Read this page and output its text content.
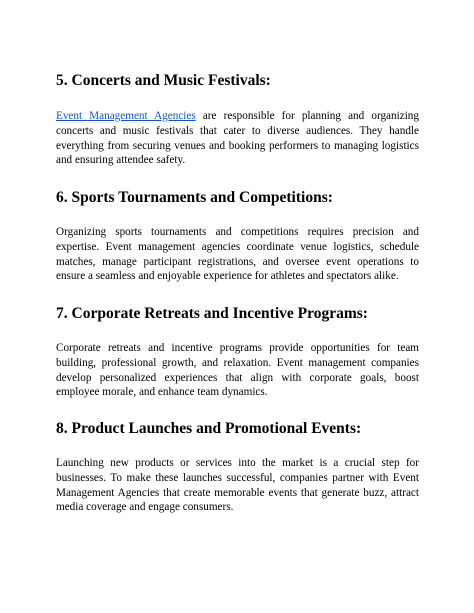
5. Concerts and Music Festivals:

Event Management Agencies are responsible for planning and organizing concerts and music festivals that cater to diverse audiences. They handle everything from securing venues and booking performers to managing logistics and ensuring attendee safety.

6. Sports Tournaments and Competitions:

Organizing sports tournaments and competitions requires precision and expertise. Event management agencies coordinate venue logistics, schedule matches, manage participant registrations, and oversee event operations to ensure a seamless and enjoyable experience for athletes and spectators alike.

7. Corporate Retreats and Incentive Programs:

Corporate retreats and incentive programs provide opportunities for team building, professional growth, and relaxation. Event management companies develop personalized experiences that align with corporate goals, boost employee morale, and enhance team dynamics.

8. Product Launches and Promotional Events:

Launching new products or services into the market is a crucial step for businesses. To make these launches successful, companies partner with Event Management Agencies that create memorable events that generate buzz, attract media coverage and engage consumers.
